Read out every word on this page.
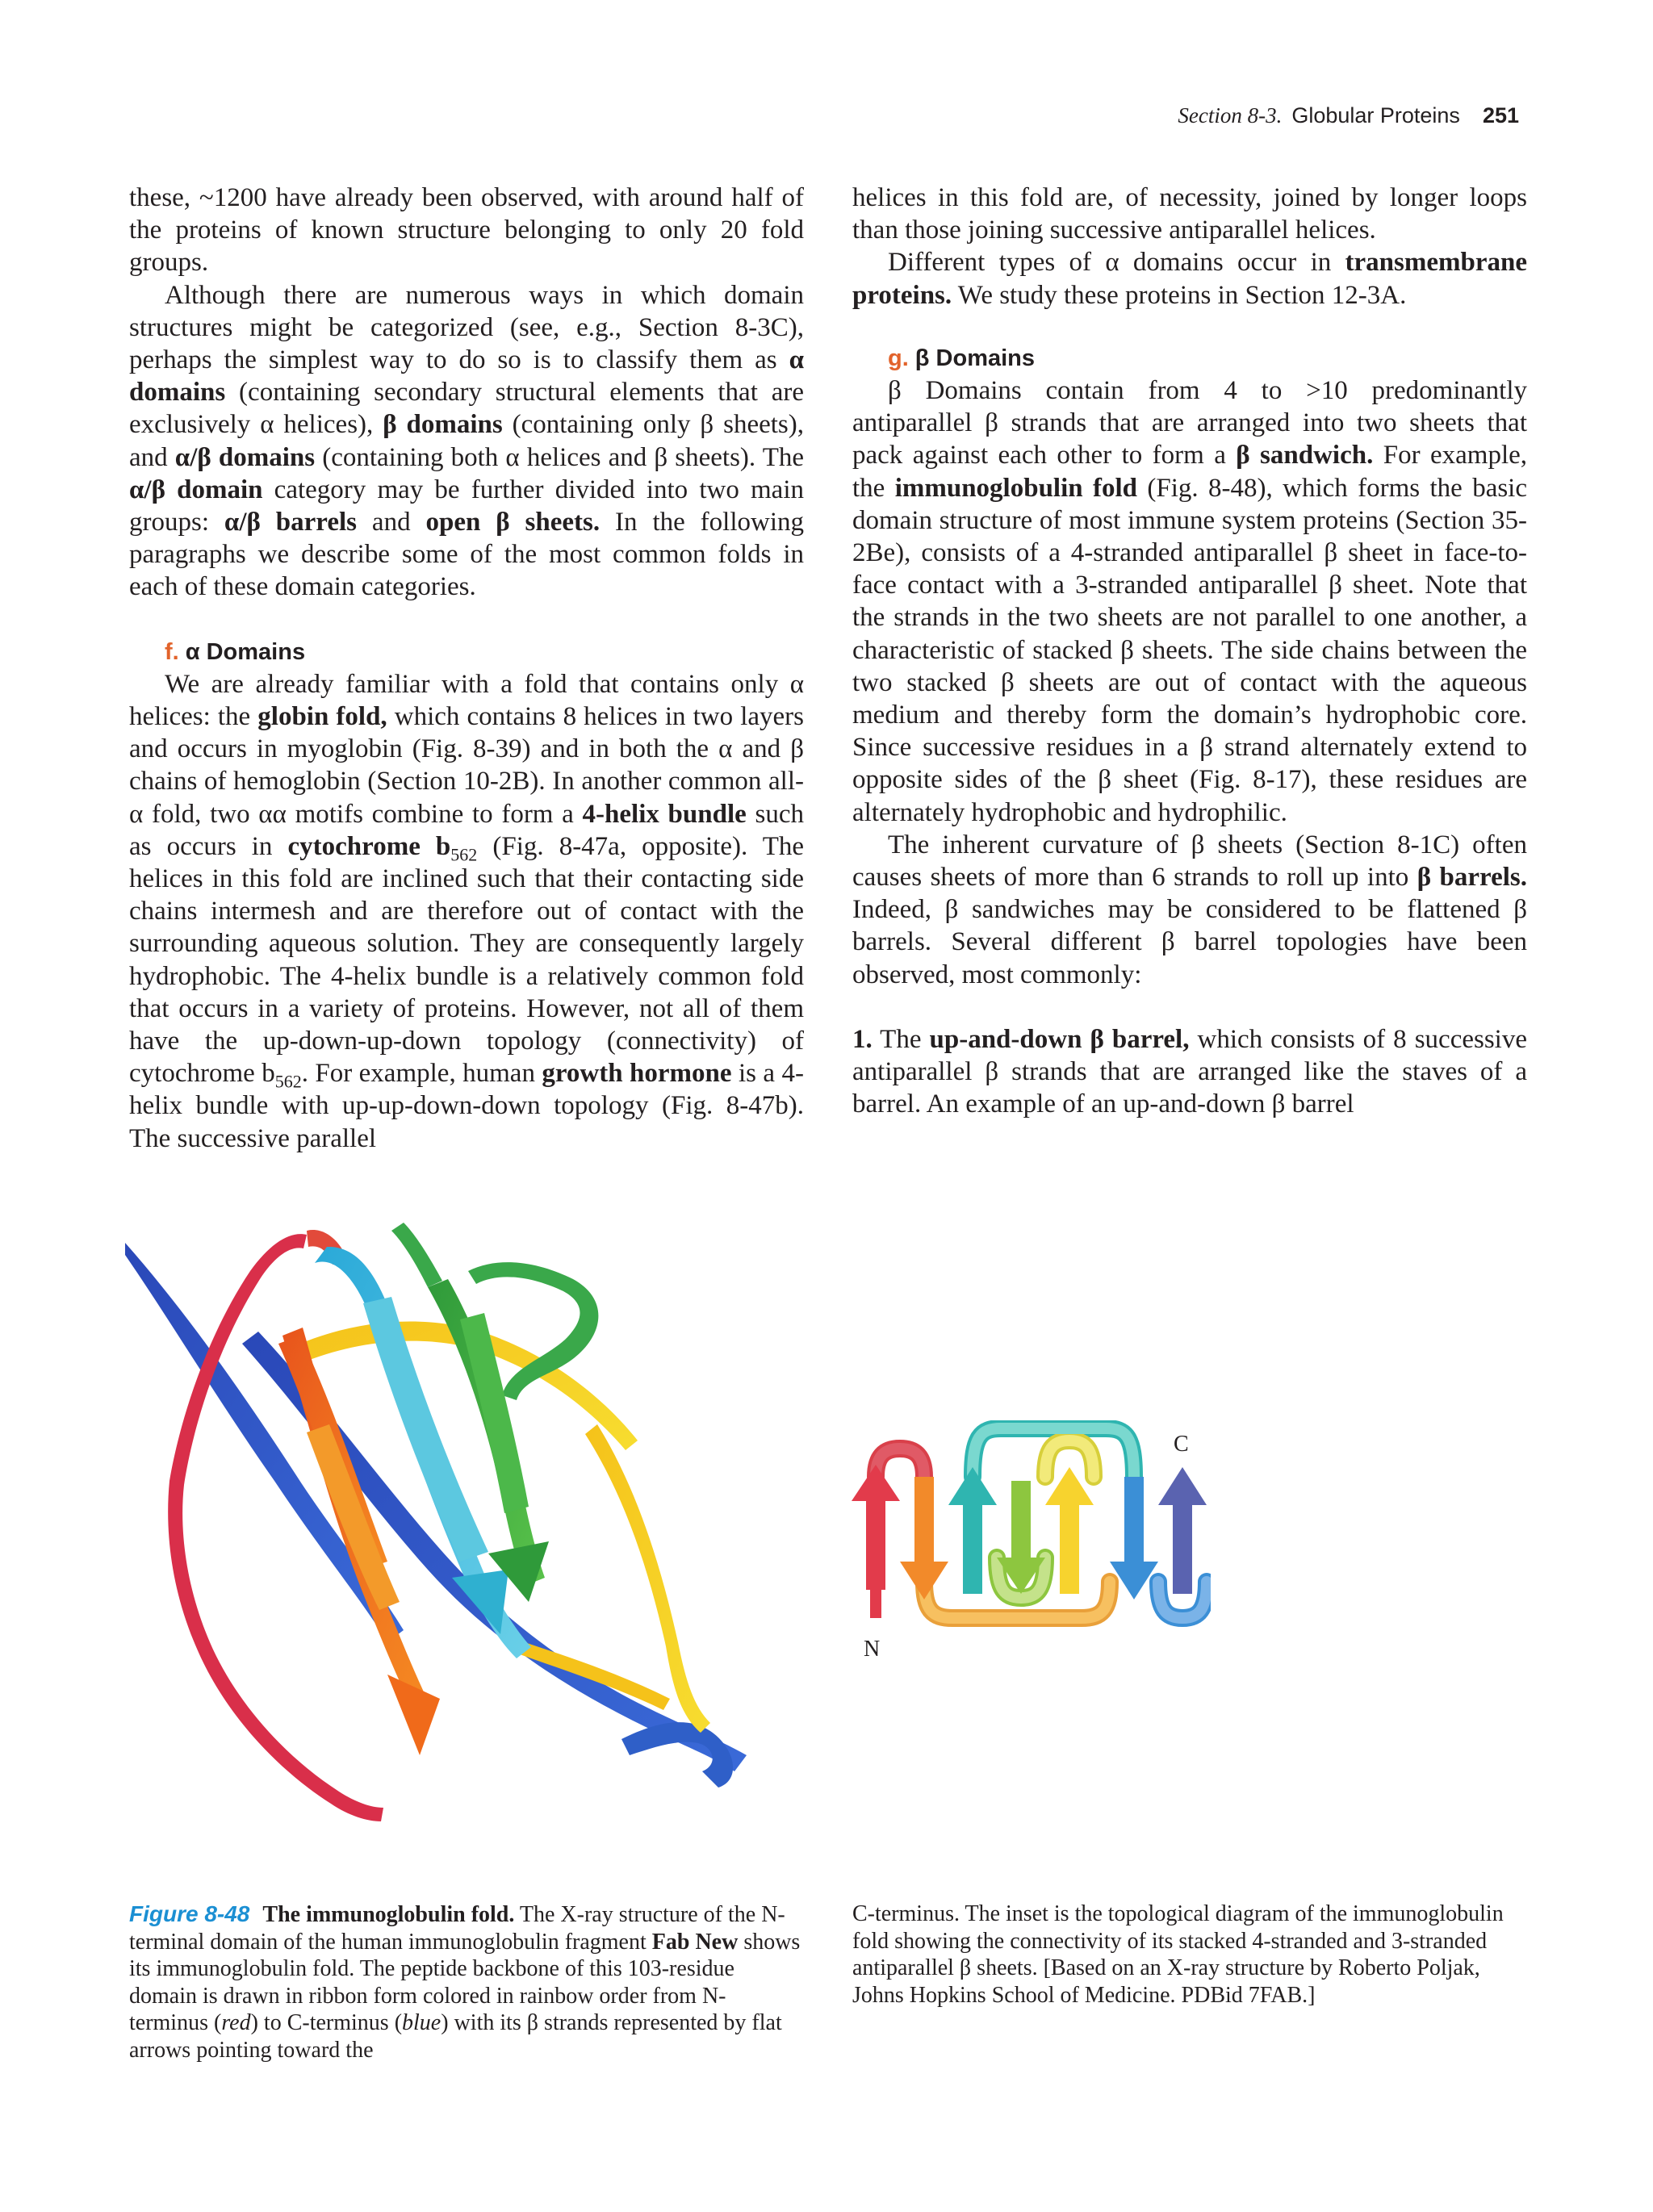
Section 8-3. Globular Proteins 251

these, ~1200 have already been observed, with around half of the proteins of known structure belonging to only 20 fold groups.

Although there are numerous ways in which domain structures might be categorized (see, e.g., Section 8-3C), perhaps the simplest way to do so is to classify them as α domains (containing secondary structural elements that are exclusively α helices), β domains (containing only β sheets), and α/β domains (containing both α helices and β sheets). The α/β domain category may be further divided into two main groups: α/β barrels and open β sheets. In the following paragraphs we describe some of the most common folds in each of these domain categories.

f. α Domains

We are already familiar with a fold that contains only α helices: the globin fold, which contains 8 helices in two layers and occurs in myoglobin (Fig. 8-39) and in both the α and β chains of hemoglobin (Section 10-2B). In another common all-α fold, two αα motifs combine to form a 4-helix bundle such as occurs in cytochrome $b_{562}$ (Fig. 8-47a, opposite). The helices in this fold are inclined such that their contacting side chains intermesh and are therefore out of contact with the surrounding aqueous solution. They are consequently largely hydrophobic. The 4-helix bundle is a relatively common fold that occurs in a variety of proteins. However, not all of them have the up-down-up-down topology (connectivity) of cytochrome $b_{562}$. For example, human growth hormone is a 4-helix bundle with up-up-down-down topology (Fig. 8-47b). The successive parallel

helices in this fold are, of necessity, joined by longer loops than those joining successive antiparallel helices.

Different types of α domains occur in transmembrane proteins. We study these proteins in Section 12-3A.

g. β Domains

β Domains contain from 4 to >10 predominantly antiparallel β strands that are arranged into two sheets that pack against each other to form a β sandwich. For example, the immunoglobulin fold (Fig. 8-48), which forms the basic domain structure of most immune system proteins (Section 35-2Be), consists of a 4-stranded antiparallel β sheet in face-to-face contact with a 3-stranded antiparallel β sheet. Note that the strands in the two sheets are not parallel to one another, a characteristic of stacked β sheets. The side chains between the two stacked β sheets are out of contact with the aqueous medium and thereby form the domain’s hydrophobic core. Since successive residues in a β strand alternately extend to opposite sides of the β sheet (Fig. 8-17), these residues are alternately hydrophobic and hydrophilic.

The inherent curvature of β sheets (Section 8-1C) often causes sheets of more than 6 strands to roll up into β barrels. Indeed, β sandwiches may be considered to be flattened β barrels. Several different β barrel topologies have been observed, most commonly:

1. The up-and-down β barrel, which consists of 8 successive antiparallel β strands that are arranged like the staves of a barrel. An example of an up-and-down β barrel

N
C
Figure 8-48 The immunoglobulin fold. The X-ray structure of the N-terminal domain of the human immunoglobulin fragment Fab New shows its immunoglobulin fold. The peptide backbone of this 103-residue domain is drawn in ribbon form colored in rainbow order from N-terminus (red) to C-terminus (blue) with its β strands represented by flat arrows pointing toward the
C-terminus. The inset is the topological diagram of the immunoglobulin fold showing the connectivity of its stacked 4-stranded and 3-stranded antiparallel β sheets. [Based on an X-ray structure by Roberto Poljak, Johns Hopkins School of Medicine. PDBid 7FAB.]
